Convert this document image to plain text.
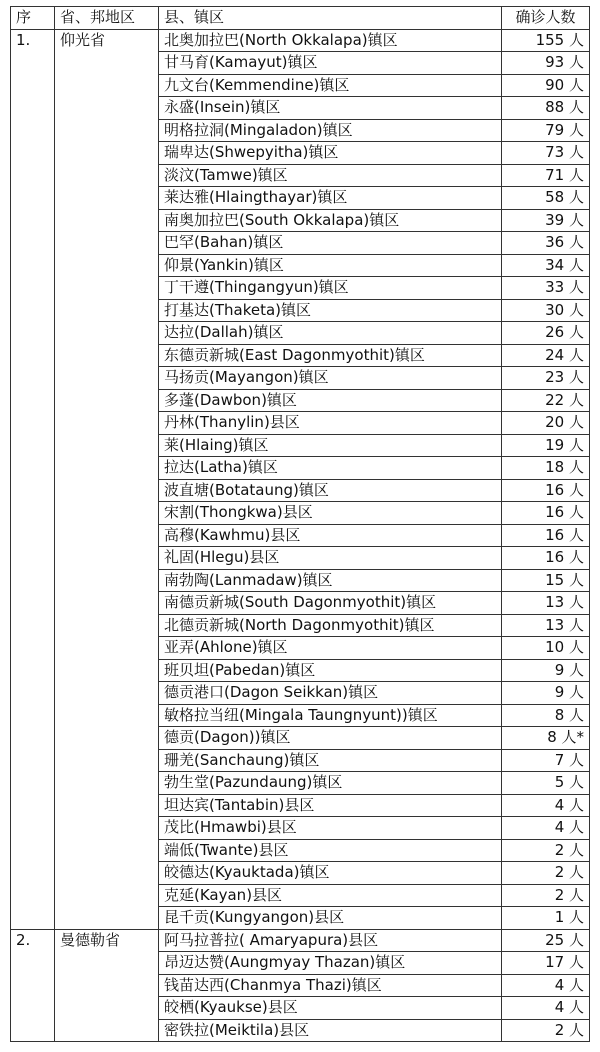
序	省、邦地区	县、镇区	确诊人数
1.	仰光省	北奥加拉巴(North Okkalapa)镇区	155 人
		甘马育(Kamayut)镇区	93 人
		九文台(Kemmendine)镇区	90 人
		永盛(Insein)镇区	88 人
		明格拉洞(Mingaladon)镇区	79 人
		瑞卑达(Shwepyitha)镇区	73 人
		淡汶(Tamwe)镇区	71 人
		莱达雅(Hlaingthayar)镇区	58 人
		南奥加拉巴(South Okkalapa)镇区	39 人
		巴罕(Bahan)镇区	36 人
		仰景(Yankin)镇区	34 人
		丁干遵(Thingangyun)镇区	33 人
		打基达(Thaketa)镇区	30 人
		达拉(Dallah)镇区	26 人
		东德贡新城(East Dagonmyothit)镇区	24 人
		马扬贡(Mayangon)镇区	23 人
		多蓬(Dawbon)镇区	22 人
		丹林(Thanylin)县区	20 人
		莱(Hlaing)镇区	19 人
		拉达(Latha)镇区	18 人
		波直塘(Botataung)镇区	16 人
		宋割(Thongkwa)县区	16 人
		高穆(Kawhmu)县区	16 人
		礼固(Hlegu)县区	16 人
		南勃陶(Lanmadaw)镇区	15 人
		南德贡新城(South Dagonmyothit)镇区	13 人
		北德贡新城(North Dagonmyothit)镇区	13 人
		亚弄(Ahlone)镇区	10 人
		班贝坦(Pabedan)镇区	9 人
		德贡港口(Dagon Seikkan)镇区	9 人
		敏格拉当纽(Mingala Taungnyunt))镇区	8 人
		德贡(Dagon))镇区	8 人*
		珊羌(Sanchaung)镇区	7 人
		勃生堂(Pazundaung)镇区	5 人
		坦达宾(Tantabin)县区	4 人
		茂比(Hmawbi)县区	4 人
		端低(Twante)县区	2 人
		皎德达(Kyauktada)镇区	2 人
		克延(Kayan)县区	2 人
		昆千贡(Kungyangon)县区	1 人
2.	曼德勒省	阿马拉普拉( Amaryapura)县区	25 人
		昂迈达赞(Aungmyay Thazan)镇区	17 人
		钱苗达西(Chanmya Thazi)镇区	4 人
		皎栖(Kyaukse)县区	4 人
		密铁拉(Meiktila)县区	2 人
